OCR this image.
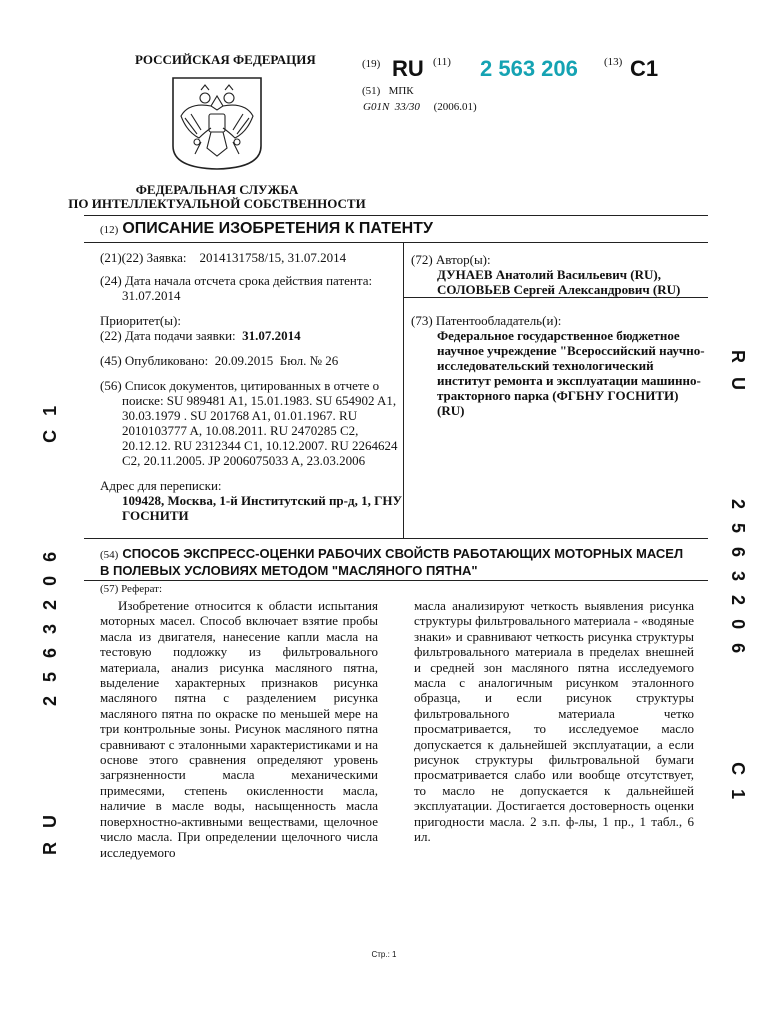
РОССИЙСКАЯ ФЕДЕРАЦИЯ
ФЕДЕРАЛЬНАЯ СЛУЖБА
ПО ИНТЕЛЛЕКТУАЛЬНОЙ СОБСТВЕННОСТИ
(19) RU (11) 2 563 206 (13) C1
(51) МПК
G01N 33/30 (2006.01)
(12) ОПИСАНИЕ ИЗОБРЕТЕНИЯ К ПАТЕНТУ
(21)(22) Заявка: 2014131758/15, 31.07.2014
(24) Дата начала отсчета срока действия патента:
31.07.2014
Приоритет(ы):
(22) Дата подачи заявки: 31.07.2014
(45) Опубликовано: 20.09.2015 Бюл. № 26
(56) Список документов, цитированных в отчете о
поиске: SU 989481 A1, 15.01.1983. SU 654902 A1,
30.03.1979 . SU 201768 A1, 01.01.1967. RU
2010103777 A, 10.08.2011. RU 2470285 C2,
20.12.12. RU 2312344 C1, 10.12.2007. RU 2264624
C2, 20.11.2005. JP 2006075033 A, 23.03.2006
Адрес для переписки:
109428, Москва, 1-й Институтский пр-д, 1, ГНУ
ГОСНИТИ
(72) Автор(ы):
ДУНАЕВ Анатолий Васильевич (RU),
СОЛОВЬЕВ Сергей Александрович (RU)
(73) Патентообладатель(и):
Федеральное государственное бюджетное
научное учреждение "Всероссийский научно-
исследовательский технологический
институт ремонта и эксплуатации машинно-
тракторного парка (ФГБНУ ГОСНИТИ)
(RU)
(54) СПОСОБ ЭКСПРЕСС-ОЦЕНКИ РАБОЧИХ СВОЙСТВ РАБОТАЮЩИХ МОТОРНЫХ МАСЕЛ
В ПОЛЕВЫХ УСЛОВИЯХ МЕТОДОМ "МАСЛЯНОГО ПЯТНА"
(57) Реферат:

Изобретение относится к области испытания моторных масел. Способ включает взятие пробы масла из двигателя, нанесение капли масла на тестовую подложку из фильтровального материала, анализ рисунка масляного пятна, выделение характерных признаков рисунка масляного пятна с разделением рисунка масляного пятна по окраске по меньшей мере на три контрольные зоны. Рисунок масляного пятна сравнивают с эталонными характеристиками и на основе этого сравнения определяют уровень загрязненности масла механическими примесями, степень окисленности масла, наличие в масле воды, насыщенность масла поверхностно-активными веществами, щелочное число масла. При определении щелочного числа исследуемого

масла анализируют четкость выявления рисунка структуры фильтровального материала - «водяные знаки» и сравнивают четкость рисунка структуры фильтровального материала в пределах внешней и средней зон масляного пятна исследуемого масла с аналогичным рисунком эталонного образца, и если рисунок структуры фильтровального материала четко просматривается, то исследуемое масло допускается к дальнейшей эксплуатации, а если рисунок структуры фильтровальной бумаги просматривается слабо или вообще отсутствует, то масло не допускается к дальнейшей эксплуатации. Достигается достоверность оценки пригодности масла. 2 з.п. ф-лы, 1 пр., 1 табл., 6 ил.

RU     2563206     C1
RU     2563206     C1
Стр.: 1
